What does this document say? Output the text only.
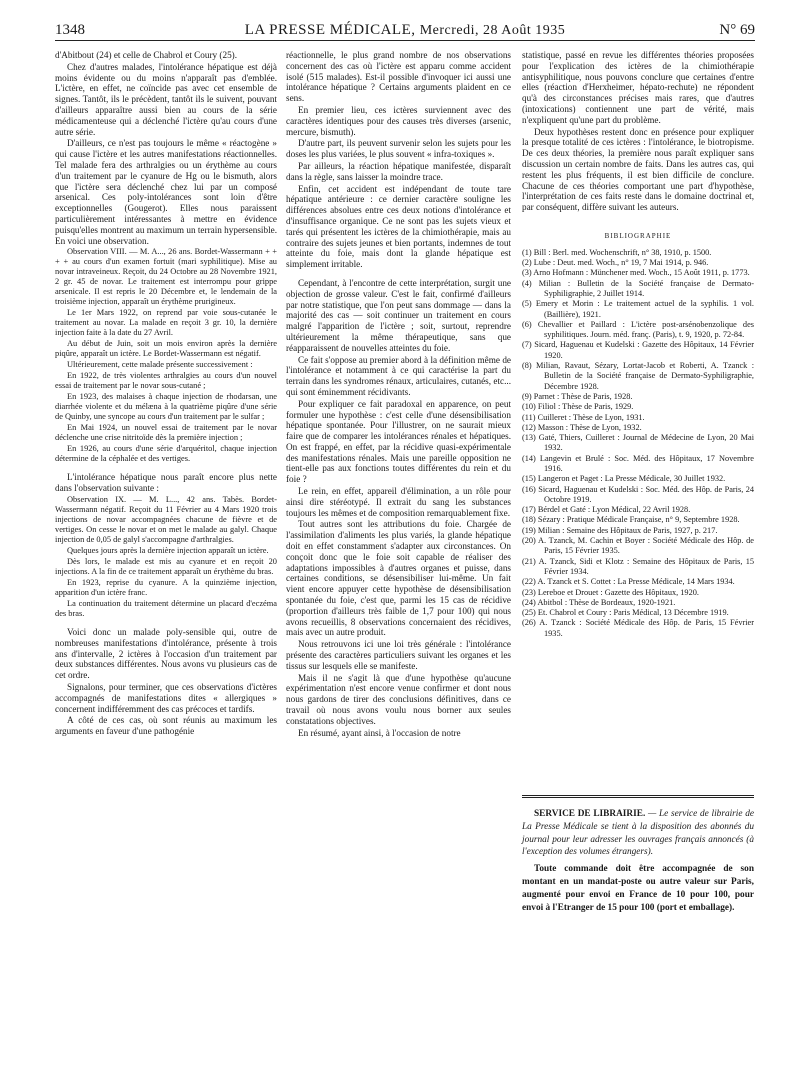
1348	LA PRESSE MÉDICALE, Mercredi, 28 Août 1935	N° 69

d'Abitbout (24) et celle de Chabrol et Coury (25).

Chez d'autres malades, l'intolérance hépatique est déjà moins évidente ou du moins n'apparaît pas d'emblée. L'ictère, en effet, ne coïncide pas avec cet ensemble de signes. Tantôt, ils le précèdent, tantôt ils le suivent, pouvant d'ailleurs apparaître aussi bien au cours de la série médicamenteuse qui a déclenché l'ictère qu'au cours d'une autre série.

D'ailleurs, ce n'est pas toujours le même « réactogène » qui cause l'ictère et les autres manifestations réactionnelles. Tel malade fera des arthralgies ou un érythème au cours d'un traitement par le cyanure de Hg ou le bismuth, alors que l'ictère sera déclenché chez lui par un composé arsenical. Ces poly-intolérances sont loin d'être exceptionnelles (Gougerot). Elles nous paraissent particulièrement intéressantes à mettre en évidence puisqu'elles montrent au maximum un terrain hypersensible. En voici une observation.

Observation VIII. — M. A..., 26 ans. Bordet-Wassermann + + + + au cours d'un examen fortuit (mari syphilitique). Mise au novar intraveineux. Reçoit, du 24 Octobre au 28 Novembre 1921, 2 gr. 45 de novar. Le traitement est interrompu pour grippe arsenicale. Il est repris le 20 Décembre et, le lendemain de la troisième injection, apparaît un érythème prurigineux.

Le 1er Mars 1922, on reprend par voie sous-cutanée le traitement au novar. La malade en reçoit 3 gr. 10, la dernière injection faite à la date du 27 Avril.

Au début de Juin, soit un mois environ après la dernière piqûre, apparaît un ictère. Le Bordet-Wassermann est négatif.

Ultérieurement, cette malade présente successivement :

En 1922, de très violentes arthralgies au cours d'un nouvel essai de traitement par le novar sous-cutané ;

En 1923, des malaises à chaque injection de rhodarsan, une diarrhée violente et du mélæna à la quatrième piqûre d'une série de Quinby, une syncope au cours d'un traitement par le sulfar ;

En Mai 1924, un nouvel essai de traitement par le novar déclenche une crise nitritoïde dès la première injection ;

En 1926, au cours d'une série d'arquéritol, chaque injection détermine de la céphalée et des vertiges.

L'intolérance hépatique nous paraît encore plus nette dans l'observation suivante :

Observation IX. — M. L..., 42 ans. Tabès. Bordet-Wassermann négatif. Reçoit du 11 Février au 4 Mars 1920 trois injections de novar accompagnées chacune de fièvre et de vertiges. On cesse le novar et on met le malade au galyl. Chaque injection de 0,05 de galyl s'accompagne d'arthralgies.

Quelques jours après la dernière injection apparaît un ictère.

Dès lors, le malade est mis au cyanure et en reçoit 20 injections. A la fin de ce traitement apparaît un érythème du bras.

En 1923, reprise du cyanure. A la quinzième injection, apparition d'un ictère franc.

La continuation du traitement détermine un placard d'eczéma des bras.

Voici donc un malade poly-sensible qui, outre de nombreuses manifestations d'intolérance, présente à trois ans d'intervalle, 2 ictères à l'occasion d'un traitement par deux substances différentes. Nous avons vu plusieurs cas de cet ordre.

Signalons, pour terminer, que ces observations d'ictères accompagnés de manifestations dites « allergiques » concernent indifféremment des cas précoces et tardifs.

A côté de ces cas, où sont réunis au maximum les arguments en faveur d'une pathogénie

réactionnelle, le plus grand nombre de nos observations concernent des cas où l'ictère est apparu comme accident isolé (515 malades). Est-il possible d'invoquer ici aussi une intolérance hépatique ? Certains arguments plaident en ce sens.

En premier lieu, ces ictères surviennent avec des caractères identiques pour des causes très diverses (arsenic, mercure, bismuth).

D'autre part, ils peuvent survenir selon les sujets pour les doses les plus variées, le plus souvent « infra-toxiques ».

Par ailleurs, la réaction hépatique manifestée, disparaît dans la règle, sans laisser la moindre trace.

Enfin, cet accident est indépendant de toute tare hépatique antérieure : ce dernier caractère souligne les différences absolues entre ces deux notions d'intolérance et d'insuffisance organique. Ce ne sont pas les sujets vieux et tarés qui présentent les ictères de la chimiothérapie, mais au contraire des sujets jeunes et bien portants, indemnes de tout atteinte du foie, mais dont la glande hépatique est simplement irritable.

Cependant, à l'encontre de cette interprétation, surgit une objection de grosse valeur. C'est le fait, confirmé d'ailleurs par notre statistique, que l'on peut sans dommage — dans la majorité des cas — soit continuer un traitement en cours malgré l'apparition de l'ictère ; soit, surtout, reprendre ultérieurement la même thérapeutique, sans que réapparaissent de nouvelles atteintes du foie.

Ce fait s'oppose au premier abord à la définition même de l'intolérance et notamment à ce qui caractérise la part du terrain dans les syndromes rénaux, articulaires, cutanés, etc... qui sont éminemment récidivants.

Pour expliquer ce fait paradoxal en apparence, on peut formuler une hypothèse : c'est celle d'une désensibilisation hépatique spontanée. Pour l'illustrer, on ne saurait mieux faire que de comparer les intolérances rénales et hépatiques. On est frappé, en effet, par la récidive quasi-expérimentale des manifestations rénales. Mais une pareille opposition ne tient-elle pas aux fonctions toutes différentes du rein et du foie ?

Le rein, en effet, appareil d'élimination, a un rôle pour ainsi dire stéréotypé. Il extrait du sang les substances toujours les mêmes et de composition remarquablement fixe.

Tout autres sont les attributions du foie. Chargée de l'assimilation d'aliments les plus variés, la glande hépatique doit en effet constamment s'adapter aux circonstances. On conçoit donc que le foie soit capable de réaliser des adaptations impossibles à d'autres organes et puisse, dans certaines conditions, se désensibiliser lui-même. Un fait vient encore appuyer cette hypothèse de désensibilisation spontanée du foie, c'est que, parmi les 15 cas de récidive (proportion d'ailleurs très faible de 1,7 pour 100) qui nous avons recueillis, 8 observations concernaient des récidives, mais avec un autre produit.

Nous retrouvons ici une loi très générale : l'intolérance présente des caractères particuliers suivant les organes et les tissus sur lesquels elle se manifeste.

Mais il ne s'agit là que d'une hypothèse qu'aucune expérimentation n'est encore venue confirmer et dont nous nous gardons de tirer des conclusions définitives, dans ce travail où nous avons voulu nous borner aux seules constatations objectives.

En résumé, ayant ainsi, à l'occasion de notre

statistique, passé en revue les différentes théories proposées pour l'explication des ictères de la chimiothérapie antisyphilitique, nous pouvons conclure que certaines d'entre elles (réaction d'Herxheimer, hépato-rechute) ne répondent qu'à des circonstances précises mais rares, que d'autres (intoxications) contiennent une part de vérité, mais n'expliquent qu'une part du problème.

Deux hypothèses restent donc en présence pour expliquer la presque totalité de ces ictères : l'intolérance, le biotropisme. De ces deux théories, la première nous paraît expliquer sans discussion un certain nombre de faits. Dans les autres cas, qui restent les plus fréquents, il est bien difficile de conclure. Chacune de ces théories comportant une part d'hypothèse, l'interprétation de ces faits reste dans le domaine doctrinal et, par conséquent, diffère suivant les auteurs.

BIBLIOGRAPHIE
(1) Bill : Berl. med. Wochenschrift, n° 38, 1910, p. 1500.
(2) Lube : Deut. med. Woch., n° 19, 7 Mai 1914, p. 946.
(3) Arno Hofmann : Münchener med. Woch., 15 Août 1911, p. 1773.
(4) Milian : Bulletin de la Société française de Dermato-Syphiligraphie, 2 Juillet 1914.
(5) Emery et Morin : Le traitement actuel de la syphilis. 1 vol. (Baillière), 1921.
(6) Chevallier et Paillard : L'ictère post-arsénobenzolique des syphilitiques. Journ. méd. franç. (Paris), t. 9, 1920, p. 72-84.
(7) Sicard, Haguenau et Kudelski : Gazette des Hôpitaux, 14 Février 1920.
(8) Milian, Ravaut, Sézary, Lortat-Jacob et Roberti, A. Tzanck : Bulletin de la Société française de Dermato-Syphiligraphie, Décembre 1928.
(9) Parnet : Thèse de Paris, 1928.
(10) Filiol : Thèse de Paris, 1929.
(11) Cuilleret : Thèse de Lyon, 1931.
(12) Masson : Thèse de Lyon, 1932.
(13) Gaté, Thiers, Cuilleret : Journal de Médecine de Lyon, 20 Mai 1932.
(14) Langevin et Brulé : Soc. Méd. des Hôpitaux, 17 Novembre 1916.
(15) Langeron et Paget : La Presse Médicale, 30 Juillet 1932.
(16) Sicard, Haguenau et Kudelski : Soc. Méd. des Hôp. de Paris, 24 Octobre 1919.
(17) Bérdel et Gaté : Lyon Médical, 22 Avril 1928.
(18) Sézary : Pratique Médicale Française, n° 9, Septembre 1928.
(19) Milian : Semaine des Hôpitaux de Paris, 1927, p. 217.
(20) A. Tzanck, M. Cachin et Boyer : Société Médicale des Hôp. de Paris, 15 Février 1935.
(21) A. Tzanck, Sidi et Klotz : Semaine des Hôpitaux de Paris, 15 Février 1934.
(22) A. Tzanck et S. Cottet : La Presse Médicale, 14 Mars 1934.
(23) Lereboe et Drouet : Gazette des Hôpitaux, 1920.
(24) Abitbol : Thèse de Bordeaux, 1920-1921.
(25) Et. Chabrol et Coury : Paris Médical, 13 Décembre 1919.
(26) A. Tzanck : Société Médicale des Hôp. de Paris, 15 Février 1935.

SERVICE DE LIBRAIRIE. — Le service de librairie de La Presse Médicale se tient à la disposition des abonnés du journal pour leur adresser les ouvrages français annoncés (à l'exception des volumes étrangers).

Toute commande doit être accompagnée de son montant en un mandat-poste ou autre valeur sur Paris, augmenté pour envoi en France de 10 pour 100, pour envoi à l'Etranger de 15 pour 100 (port et emballage).
